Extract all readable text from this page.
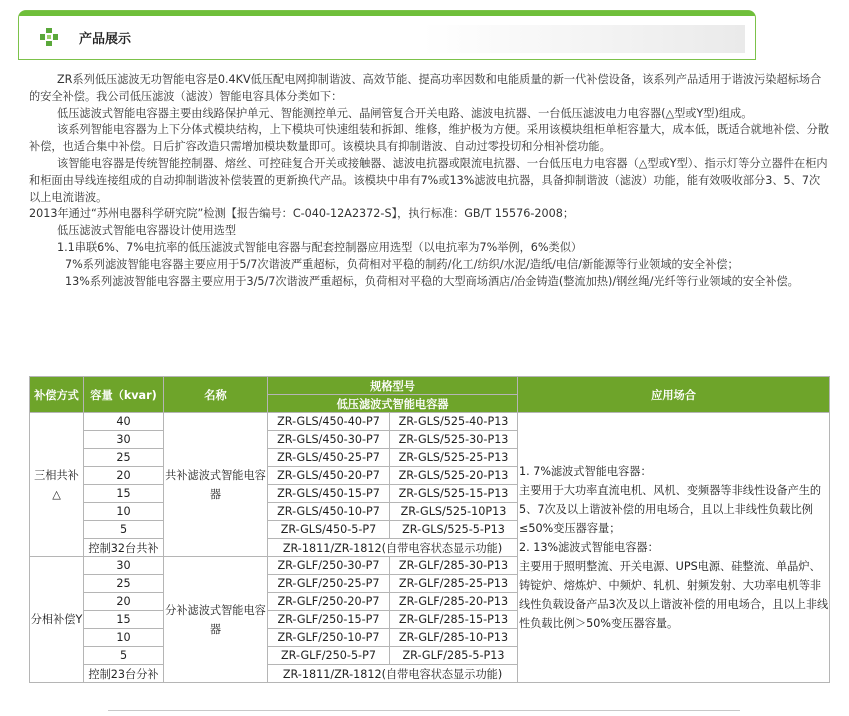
产品展示

ZR系列低压滤波无功智能电容是0.4KV低压配电网抑制谐波、高效节能、提高功率因数和电能质量的新一代补偿设备，该系列产品适用于谐波污染超标场合的安全补偿。我公司低压滤波（滤波）智能电容具体分类如下：

低压滤波式智能电容器主要由线路保护单元、智能测控单元、晶闸管复合开关电路、滤波电抗器、一台低压滤波电力电容器(△型或Y型)组成。

该系列智能电容器为上下分体式模块结构，上下模块可快速组装和拆卸、维修，维护极为方便。采用该模块组柜单柜容量大，成本低，既适合就地补偿、分散补偿，也适合集中补偿。日后扩容改造只需增加模块数量即可。该模块具有抑制谐波、自动过零投切和分相补偿功能。

该智能电容器是传统智能控制器、熔丝、可控硅复合开关或接触器、滤波电抗器或限流电抗器、一台低压电力电容器（△型或Y型）、指示灯等分立器件在柜内和柜面由导线连接组成的自动抑制谐波补偿装置的更新换代产品。该模块中串有7%或13%滤波电抗器，具备抑制谐波（滤波）功能，能有效吸收部分3、5、7次以上电流谐波。

2013年通过“苏州电器科学研究院”检测【报告编号：C-040-12A2372-S】，执行标准：GB/T 15576-2008；

低压滤波式智能电容器设计使用选型

1.1串联6%、7%电抗率的低压滤波式智能电容器与配套控制器应用选型（以电抗率为7%举例，6%类似）

7%系列滤波智能电容器主要应用于5/7次谐波严重超标，负荷相对平稳的制药/化工/纺织/水泥/造纸/电信/新能源等行业领域的安全补偿；

13%系列滤波智能电容器主要应用于3/5/7次谐波严重超标，负荷相对平稳的大型商场酒店/冶金铸造(整流加热)/钢丝绳/光纤等行业领域的安全补偿。

补偿方式	容量（kvar)	名称	规格型号		应用场合
			低压滤波式智能电容器		
三相共补△	40	共补滤波式智能电容器	ZR-GLS/450-40-P7	ZR-GLS/525-40-P13	1. 7%滤波式智能电容器：
主要用于大功率直流电机、风机、变频器等非线性设备产生的5、7次及以上谐波补偿的用电场合，且以上非线性负载比例≤50%变压器容量；
2. 13%滤波式智能电容器：
主要用于照明整流、开关电源、UPS电源、硅整流、单晶炉、铸锭炉、熔炼炉、中频炉、轧机、射频发射、大功率电机等非线性负载设备产品3次及以上谐波补偿的用电场合，且以上非线性负载比例＞50%变压器容量。

	30		ZR-GLS/450-30-P7	ZR-GLS/525-30-P13	
	25		ZR-GLS/450-25-P7	ZR-GLS/525-25-P13	
	20		ZR-GLS/450-20-P7	ZR-GLS/525-20-P13	
	15		ZR-GLS/450-15-P7	ZR-GLS/525-15-P13	
	10		ZR-GLS/450-10-P7	ZR-GLS/525-10P13	
	5		ZR-GLS/450-5-P7	ZR-GLS/525-5-P13	
	控制32台共补		ZR-1811/ZR-1812(自带电容状态显示功能)		
分相补偿Y	30	分补滤波式智能电容器	ZR-GLF/250-30-P7	ZR-GLF/285-30-P13	
	25		ZR-GLF/250-25-P7	ZR-GLF/285-25-P13	
	20		ZR-GLF/250-20-P7	ZR-GLF/285-20-P13	
	15		ZR-GLF/250-15-P7	ZR-GLF/285-15-P13	
	10		ZR-GLF/250-10-P7	ZR-GLF/285-10-P13	
	5		ZR-GLF/250-5-P7	ZR-GLF/285-5-P13	
	控制23台分补		ZR-1811/ZR-1812(自带电容状态显示功能)		
